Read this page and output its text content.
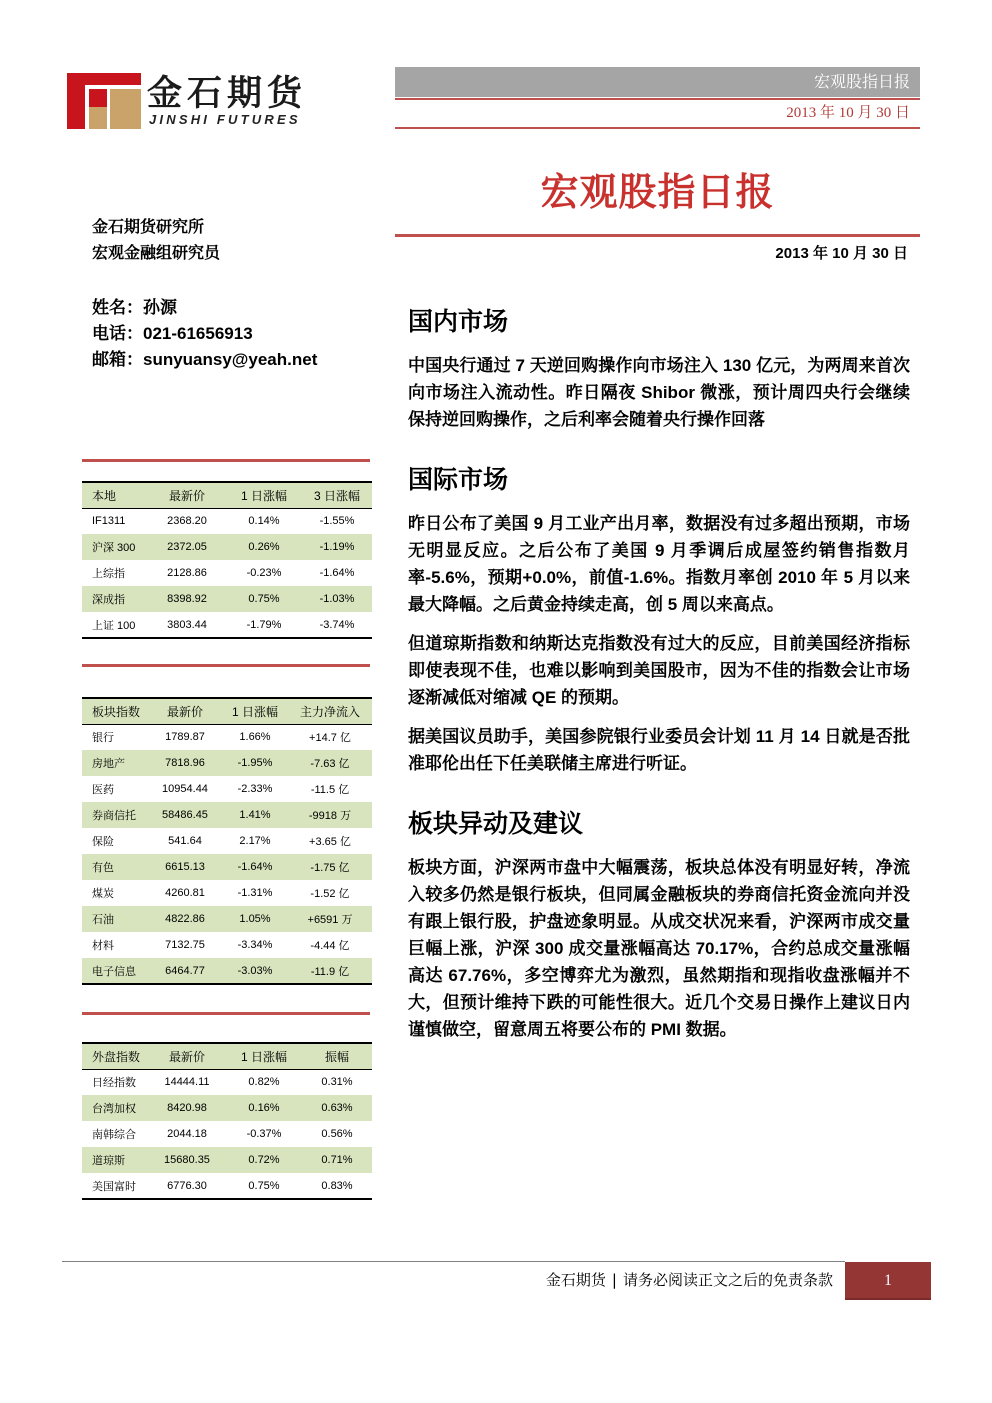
金石期货
JINSHI FUTURES
宏观股指日报
2013 年 10 月 30 日
宏观股指日报
2013 年 10 月 30 日
金石期货研究所
宏观金融组研究员
姓名：孙源
电话：021-61656913
邮箱：sunyuansy@yeah.net
本地	最新价	1 日涨幅	3 日涨幅
IF1311	2368.20	0.14%	-1.55%
沪深 300	2372.05	0.26%	-1.19%
上综指	2128.86	-0.23%	-1.64%
深成指	8398.92	0.75%	-1.03%
上证 100	3803.44	-1.79%	-3.74%
板块指数	最新价	1 日涨幅	主力净流入
银行	1789.87	1.66%	+14.7 亿
房地产	7818.96	-1.95%	-7.63 亿
医药	10954.44	-2.33%	-11.5 亿
券商信托	58486.45	1.41%	-9918 万
保险	541.64	2.17%	+3.65 亿
有色	6615.13	-1.64%	-1.75 亿
煤炭	4260.81	-1.31%	-1.52 亿
石油	4822.86	1.05%	+6591 万
材料	7132.75	-3.34%	-4.44 亿
电子信息	6464.77	-3.03%	-11.9 亿
外盘指数	最新价	1 日涨幅	振幅
日经指数	14444.11	0.82%	0.31%
台湾加权	8420.98	0.16%	0.63%
南韩综合	2044.18	-0.37%	0.56%
道琼斯	15680.35	0.72%	0.71%
美国富时	6776.30	0.75%	0.83%
国内市场

中国央行通过 7 天逆回购操作向市场注入 130 亿元，为两周来首次向市场注入流动性。昨日隔夜 Shibor 微涨，预计周四央行会继续保持逆回购操作，之后利率会随着央行操作回落

国际市场

昨日公布了美国 9 月工业产出月率，数据没有过多超出预期，市场无明显反应。之后公布了美国 9 月季调后成屋签约销售指数月率-5.6%，预期+0.0%，前值-1.6%。指数月率创 2010 年 5 月以来最大降幅。之后黄金持续走高，创 5 周以来高点。

但道琼斯指数和纳斯达克指数没有过大的反应，目前美国经济指标即使表现不佳，也难以影响到美国股市，因为不佳的指数会让市场逐渐减低对缩减 QE 的预期。

据美国议员助手，美国参院银行业委员会计划 11 月 14 日就是否批准耶伦出任下任美联储主席进行听证。

板块异动及建议

板块方面，沪深两市盘中大幅震荡，板块总体没有明显好转，净流入较多仍然是银行板块，但同属金融板块的券商信托资金流向并没有跟上银行股，护盘迹象明显。从成交状况来看，沪深两市成交量巨幅上涨，沪深 300 成交量涨幅高达 70.17%，合约总成交量涨幅高达 67.76%，多空博弈尤为激烈，虽然期指和现指收盘涨幅并不大，但预计维持下跌的可能性很大。近几个交易日操作上建议日内谨慎做空，留意周五将要公布的 PMI 数据。

金石期货 | 请务必阅读正文之后的免责条款	1
